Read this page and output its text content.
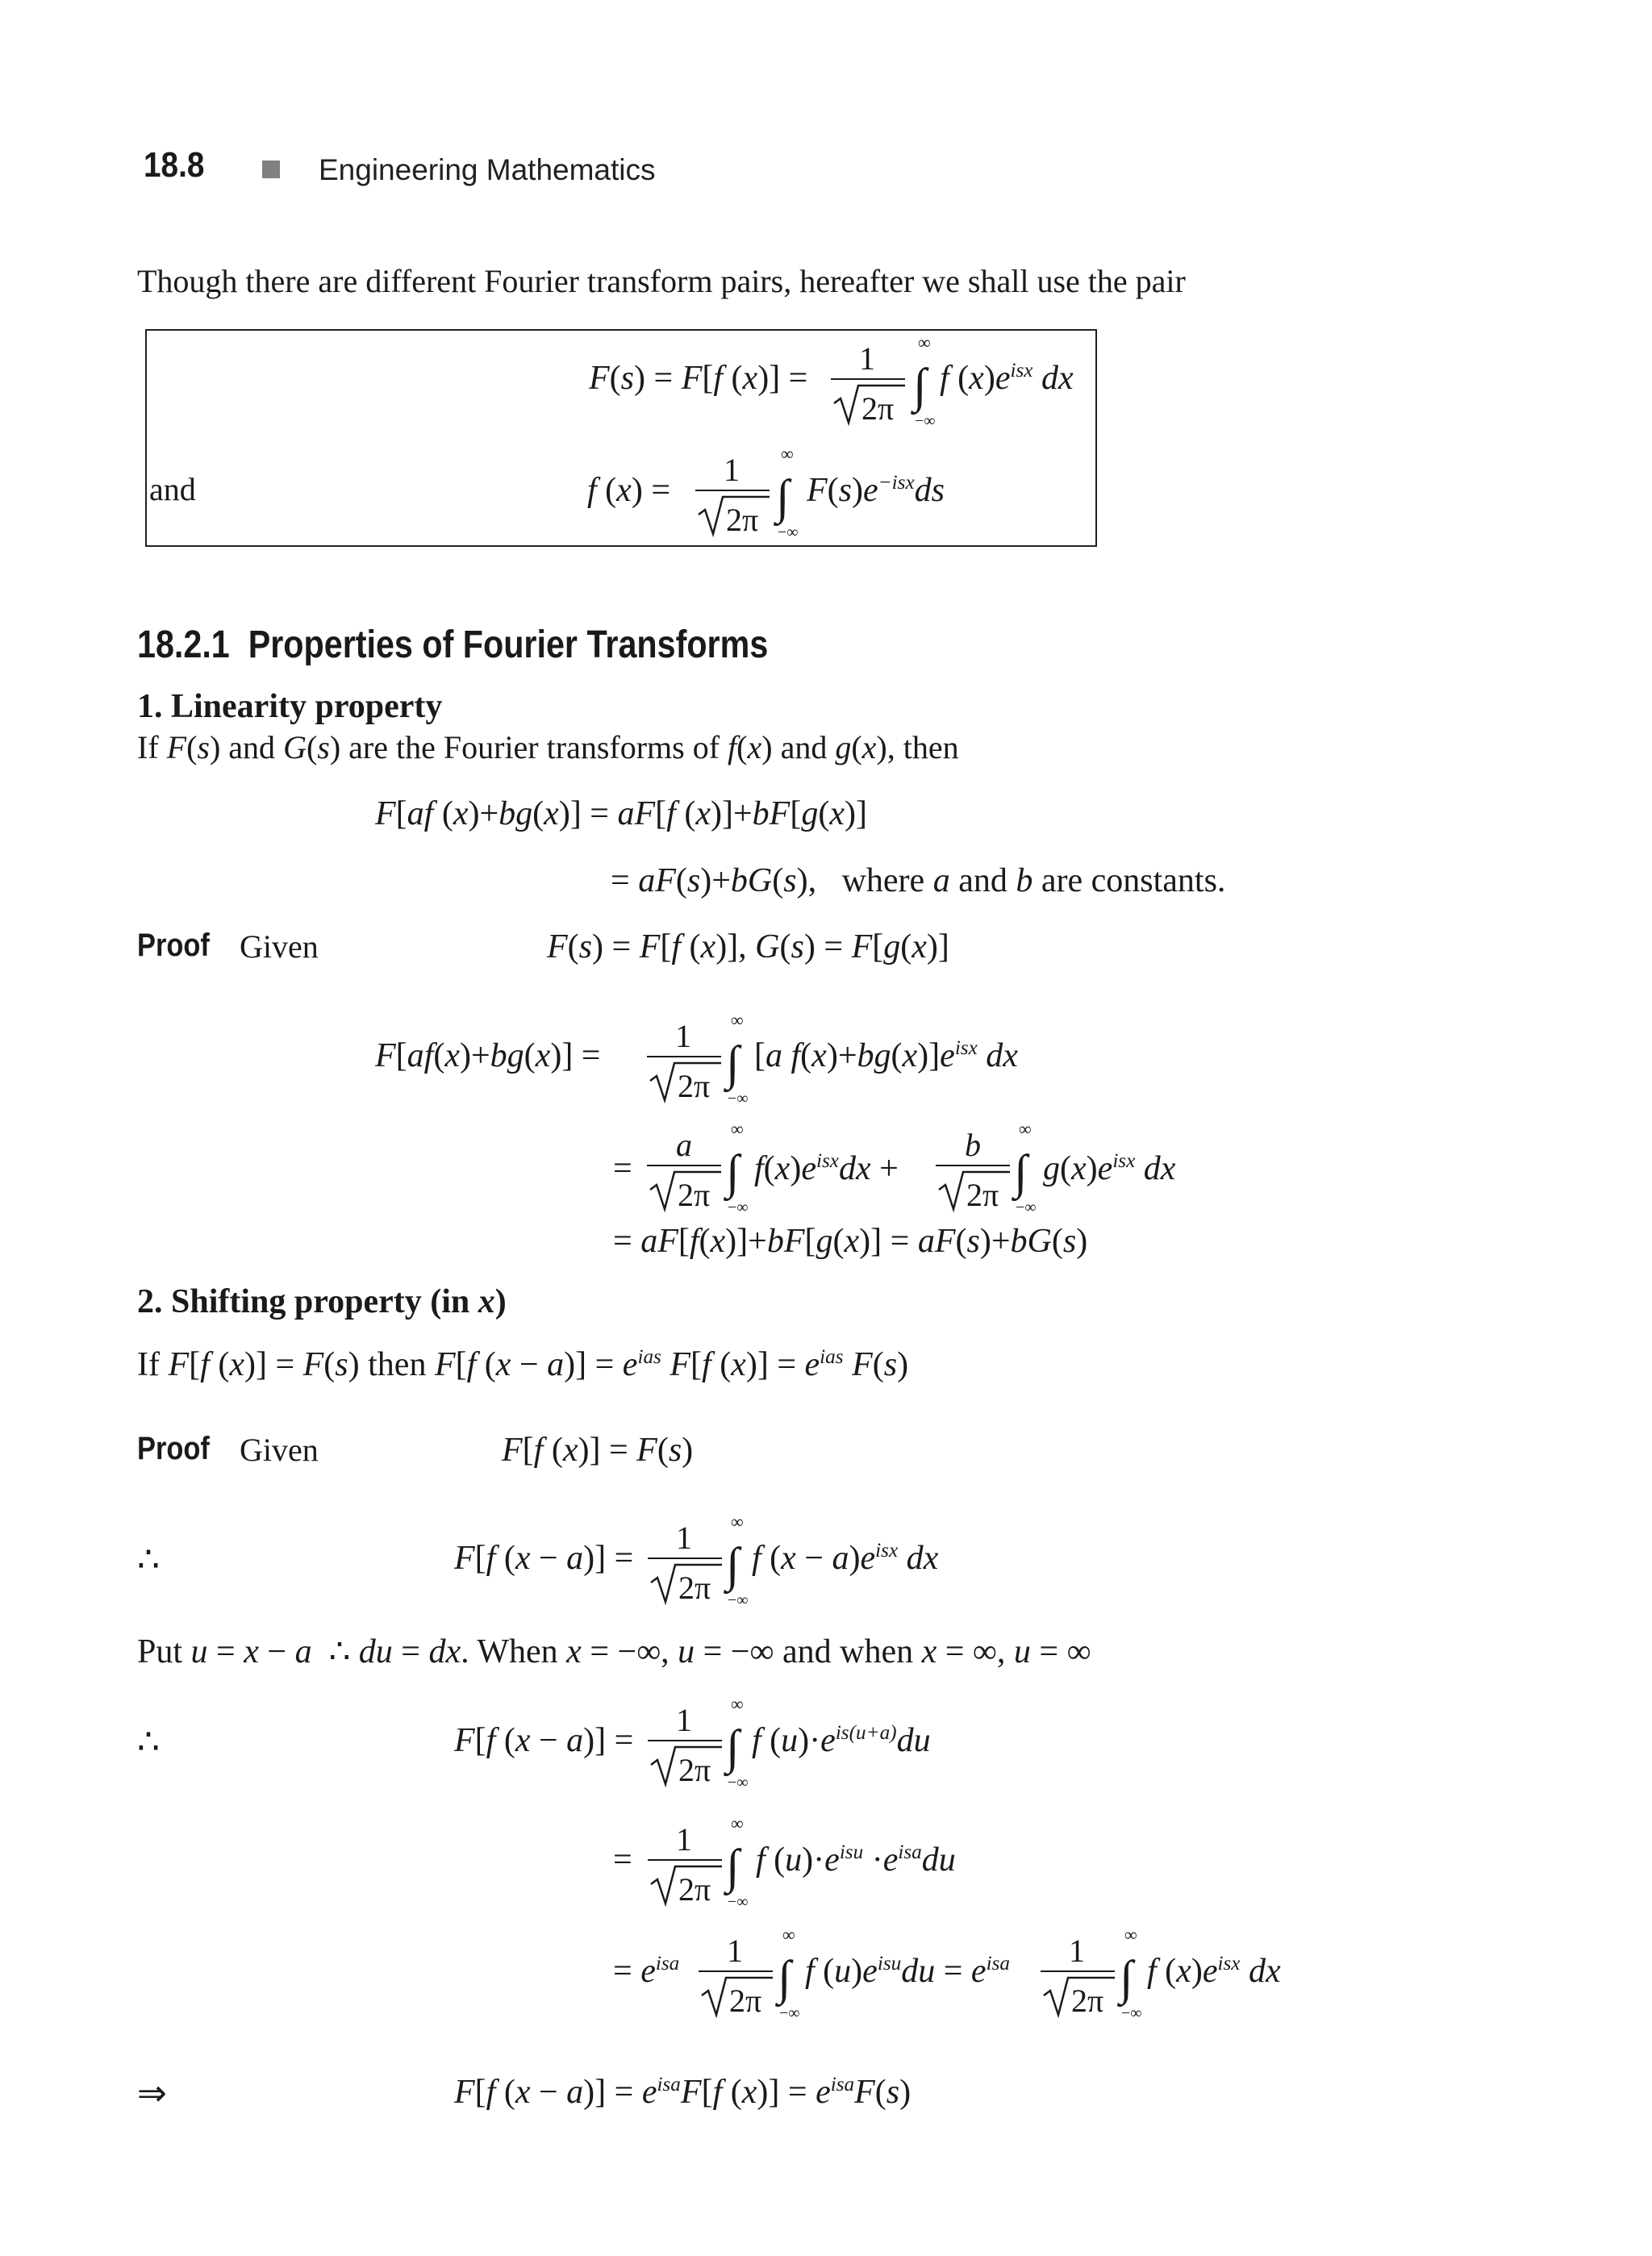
18.8	Engineering Mathematics
Though there are different Fourier transform pairs, hereafter we shall use the pair
and
F(s) = F[f (x)] =
1
2π
∞
∫
−∞
f $(x)e^{isx}$ dx
f (x) =
1
2π
∞
∫
−∞
$F(s)e^{-isx}ds$
18.2.1 Properties of Fourier Transforms
1. Linearity property
If F(s) and G(s) are the Fourier transforms of f(x) and g(x), then
F[af (x)+bg(x)] = aF[f (x)]+bF[g(x)]
= aF(s)+bG(s),   where a and b are constants.
Proof Given	F(s) = F[f (x)], G(s) = F[g(x)]
F[af(x)+bg(x)] =
1
2π
∞
∫
−∞
[a $f(x)+bg(x)]e^{isx}$ dx
=
a
2π
∞
∫
−∞
$f(x)e^{isx}dx$ +
b
2π
∞
∫
−∞
$g(x)e^{isx}$ dx
= aF[f(x)]+bF[g(x)] = aF(s)+bG(s)
2. Shifting property (in x)
If F[f (x)] = F(s) then F[f $(x - a)] = e^{ias}$ F[f $(x)] = e^{ias}$ F(s)
Proof Given	F[f (x)] = F(s)
∴	F[f (x − a)] =
1
2π
∞
∫
−∞
f $(x - a)e^{isx}$ dx
Put u = x − a  ∴ du = dx. When x = −∞, u = −∞ and when x = ∞, u = ∞
∴	F[f (x − a)] =
1
2π
∞
∫
−∞
f $(u)\cdot e^{is(u+a)}du$
=
1
2π
∞
∫
−∞
f $(u)\cdot e^{isu} \cdot e^{isa}du$
= $e^{isa}$ 1
2π
∞
∫
−∞
f $(u)e^{isu}du = e^{isa}$ 1
2π
∞
∫
−∞
f $(x)e^{isx}$ dx
⇒	F[f $(x - a)] = e^{isa}F[f$ $(x)] = e^{isa}F(s)$
